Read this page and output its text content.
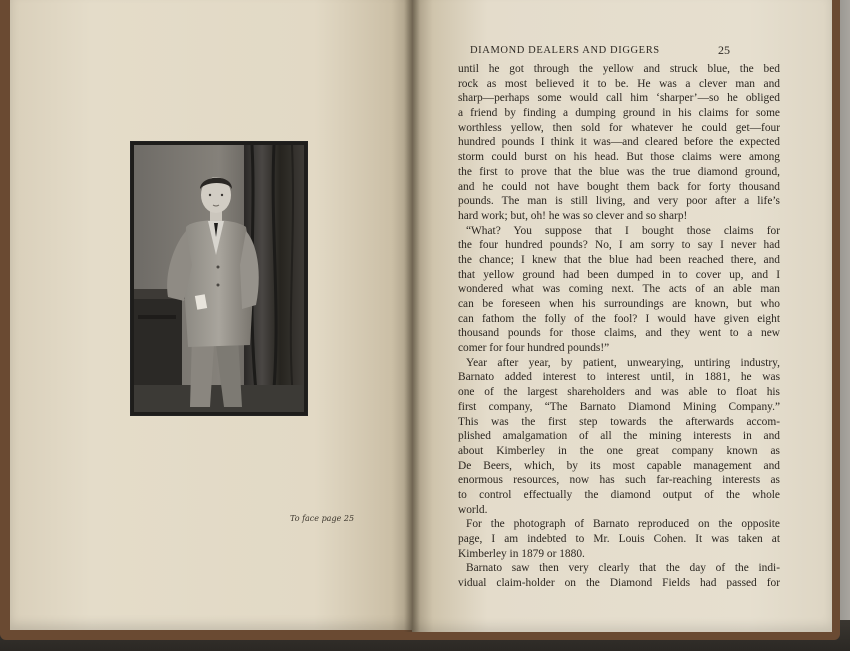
To face page 25
DIAMOND DEALERS AND DIGGERS	25
until he got through the yellow and struck blue, the bed
rock as most believed it to be. He was a clever man and
sharp—perhaps some would call him ‘sharper’—so he obliged
a friend by finding a dumping ground in his claims for some
worthless yellow, then sold for whatever he could get—four
hundred pounds I think it was—and cleared before the expected
storm could burst on his head. But those claims were among
the first to prove that the blue was the true diamond ground,
and he could not have bought them back for forty thousand
pounds. The man is still living, and very poor after a life’s
hard work; but, oh! he was so clever and so sharp!
“What? You suppose that I bought those claims for
the four hundred pounds? No, I am sorry to say I never had
the chance; I knew that the blue had been reached there, and
that yellow ground had been dumped in to cover up, and I
wondered what was coming next. The acts of an able man
can be foreseen when his surroundings are known, but who
can fathom the folly of the fool? I would have given eight
thousand pounds for those claims, and they went to a new
comer for four hundred pounds!”
Year after year, by patient, unwearying, untiring industry,
Barnato added interest to interest until, in 1881, he was
one of the largest shareholders and was able to float his
first company, “The Barnato Diamond Mining Company.”
This was the first step towards the afterwards accom-
plished amalgamation of all the mining interests in and
about Kimberley in the one great company known as
De Beers, which, by its most capable management and
enormous resources, now has such far-reaching interests as
to control effectually the diamond output of the whole
world.
For the photograph of Barnato reproduced on the opposite
page, I am indebted to Mr. Louis Cohen. It was taken at
Kimberley in 1879 or 1880.
Barnato saw then very clearly that the day of the indi-
vidual claim-holder on the Diamond Fields had passed for
